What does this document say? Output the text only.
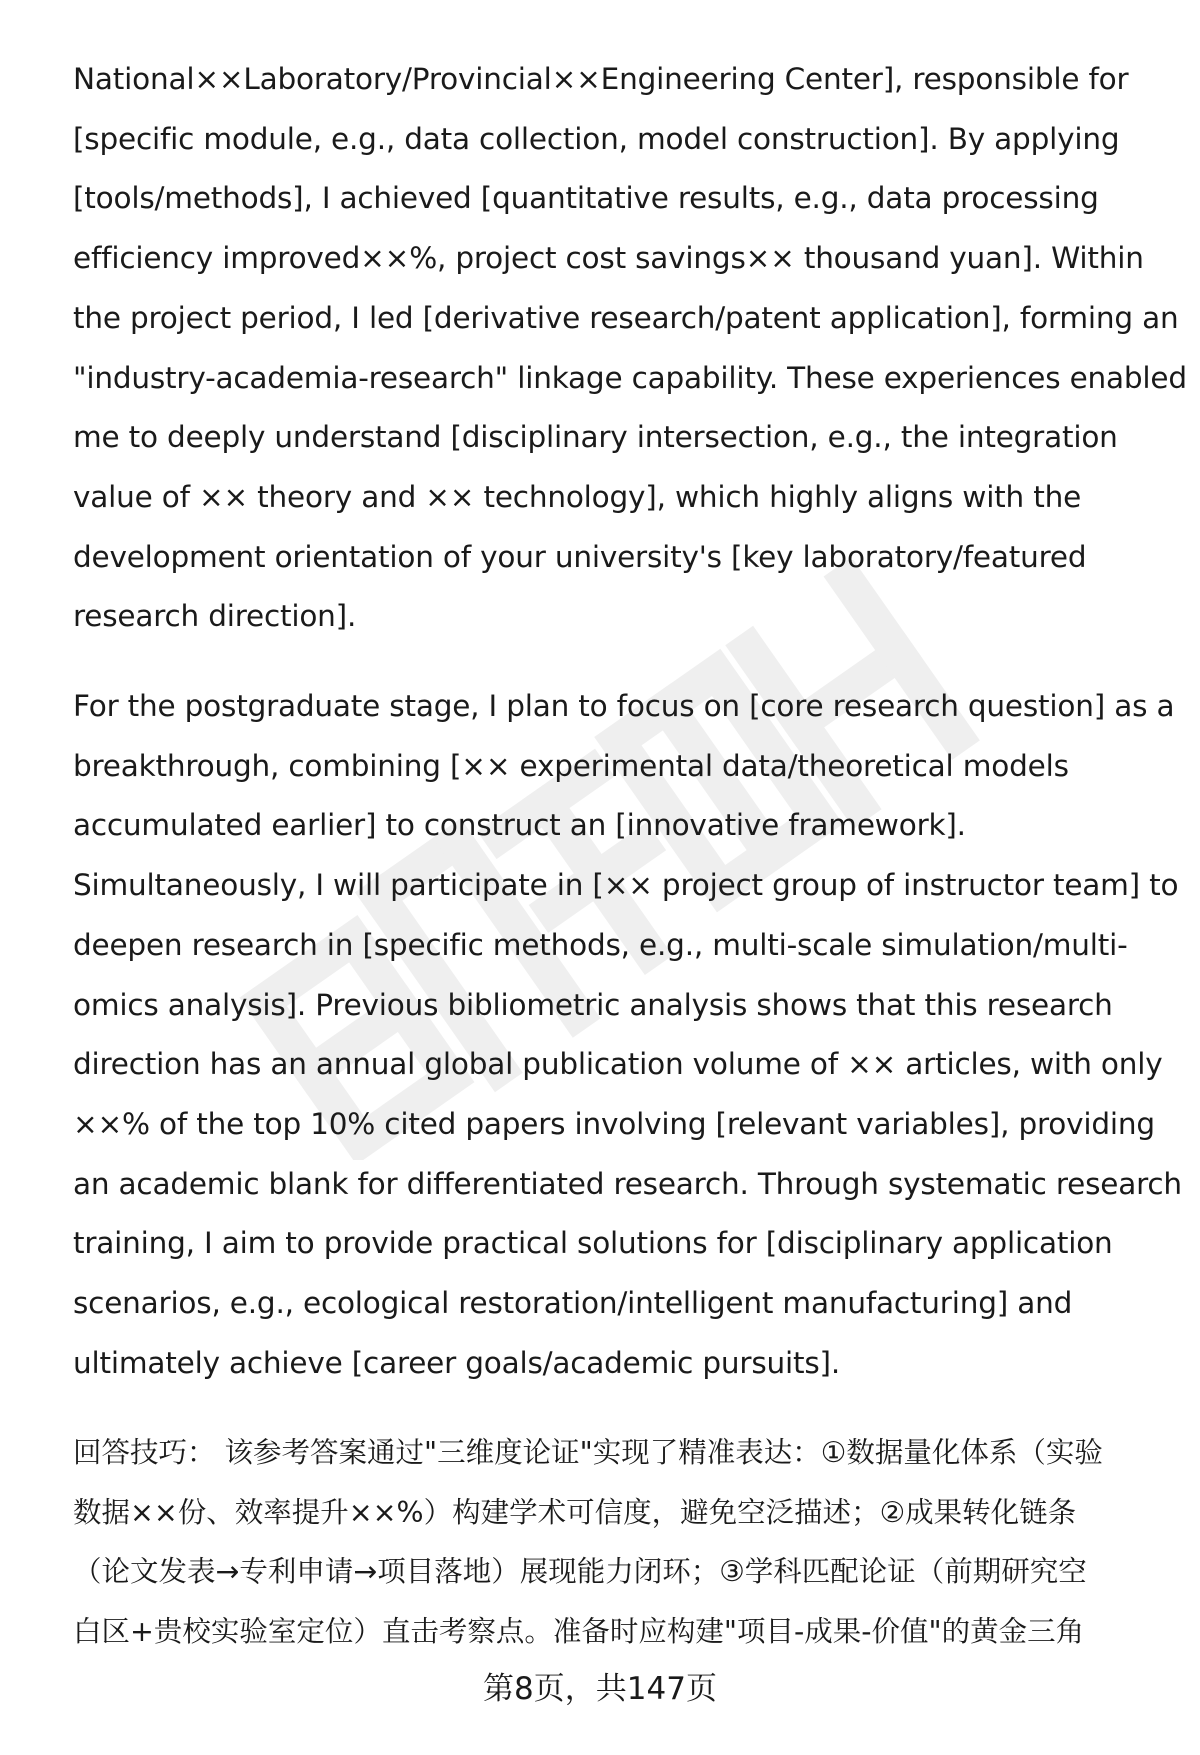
National××Laboratory/Provincial××Engineering Center], responsible for
[specific module, e.g., data collection, model construction]. By applying
[tools/methods], I achieved [quantitative results, e.g., data processing
efficiency improved××%, project cost savings×× thousand yuan]. Within
the project period, I led [derivative research/patent application], forming an
"industry-academia-research" linkage capability. These experiences enabled
me to deeply understand [disciplinary intersection, e.g., the integration
value of ×× theory and ×× technology], which highly aligns with the
development orientation of your university's [key laboratory/featured
research direction].

For the postgraduate stage, I plan to focus on [core research question] as a
breakthrough, combining [×× experimental data/theoretical models
accumulated earlier] to construct an [innovative framework].
Simultaneously, I will participate in [×× project group of instructor team] to
deepen research in [specific methods, e.g., multi-scale simulation/multi-
omics analysis]. Previous bibliometric analysis shows that this research
direction has an annual global publication volume of ×× articles, with only
××% of the top 10% cited papers involving [relevant variables], providing
an academic blank for differentiated research. Through systematic research
training, I aim to provide practical solutions for [disciplinary application
scenarios, e.g., ecological restoration/intelligent manufacturing] and
ultimately achieve [career goals/academic pursuits].

回答技巧： 该参考答案通过"三维度论证"实现了精准表达：①数据量化体系（实验
数据××份、效率提升××%）构建学术可信度，避免空泛描述；②成果转化链条
（论文发表→专利申请→项目落地）展现能力闭环；③学科匹配论证（前期研究空
白区+贵校实验室定位）直击考察点。准备时应构建"项目-成果-价值"的黄金三角

第8页，共147页
